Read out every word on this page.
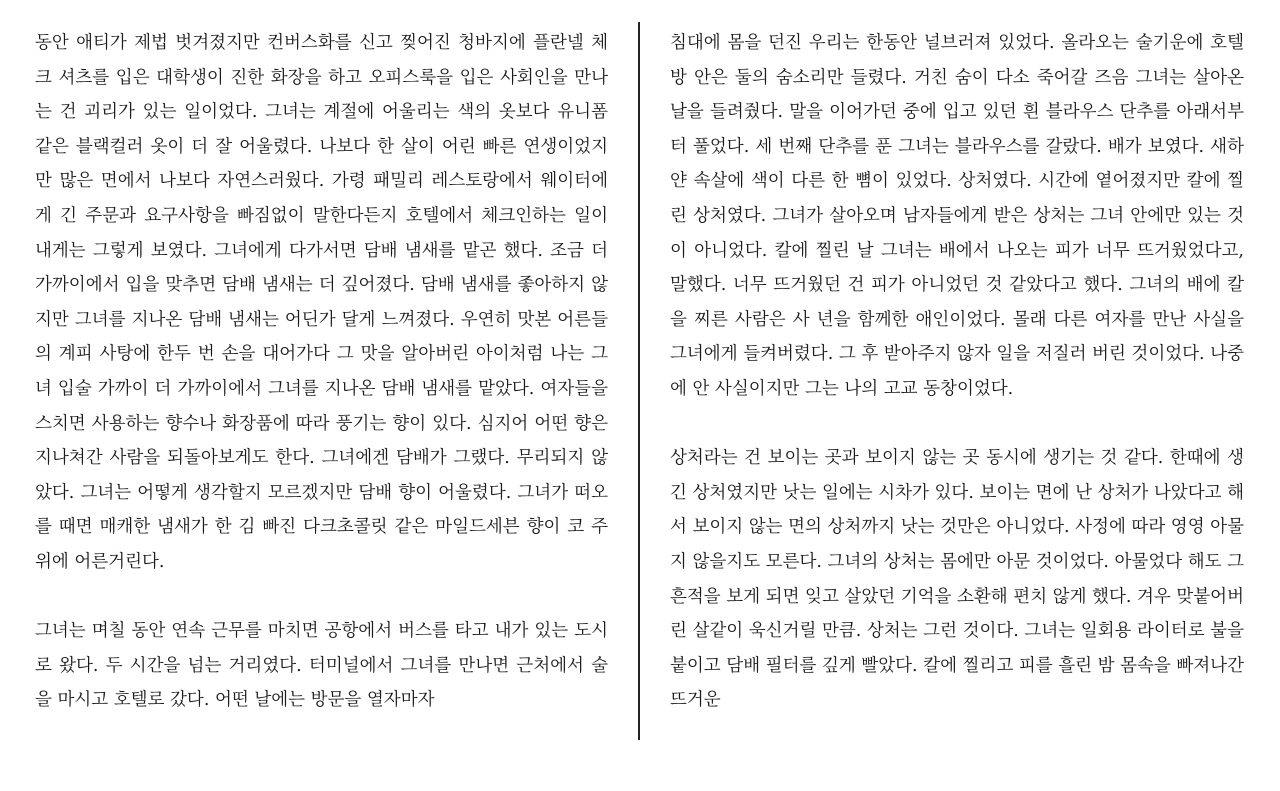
동안 애티가 제법 벗겨졌지만 컨버스화를 신고 찢어진 청바지에 플란넬 체크 셔츠를 입은 대학생이 진한 화장을 하고 오피스룩을 입은 사회인을 만나는 건 괴리가 있는 일이었다. 그녀는 계절에 어울리는 색의 옷보다 유니폼 같은 블랙컬러 옷이 더 잘 어울렸다. 나보다 한 살이 어린 빠른 연생이었지만 많은 면에서 나보다 자연스러웠다. 가령 패밀리 레스토랑에서 웨이터에게 긴 주문과 요구사항을 빠짐없이 말한다든지 호텔에서 체크인하는 일이 내게는 그렇게 보였다. 그녀에게 다가서면 담배 냄새를 맡곤 했다. 조금 더 가까이에서 입을 맞추면 담배 냄새는 더 깊어졌다. 담배 냄새를 좋아하지 않지만 그녀를 지나온 담배 냄새는 어딘가 달게 느껴졌다. 우연히 맛본 어른들의 계피 사탕에 한두 번 손을 대어가다 그 맛을 알아버린 아이처럼 나는 그녀 입술 가까이 더 가까이에서 그녀를 지나온 담배 냄새를 맡았다. 여자들을 스치면 사용하는 향수나 화장품에 따라 풍기는 향이 있다. 심지어 어떤 향은 지나쳐간 사람을 되돌아보게도 한다. 그녀에겐 담배가 그랬다. 무리되지 않았다. 그녀는 어떻게 생각할지 모르겠지만 담배 향이 어울렸다. 그녀가 떠오를 때면 매캐한 냄새가 한 김 빠진 다크초콜릿 같은 마일드세븐 향이 코 주위에 어른거린다.

그녀는 며칠 동안 연속 근무를 마치면 공항에서 버스를 타고 내가 있는 도시로 왔다. 두 시간을 넘는 거리였다. 터미널에서 그녀를 만나면 근처에서 술을 마시고 호텔로 갔다. 어떤 날에는 방문을 열자마자

침대에 몸을 던진 우리는 한동안 널브러져 있었다. 올라오는 술기운에 호텔 방 안은 둘의 숨소리만 들렸다. 거친 숨이 다소 죽어갈 즈음 그녀는 살아온 날을 들려줬다. 말을 이어가던 중에 입고 있던 흰 블라우스 단추를 아래서부터 풀었다. 세 번째 단추를 푼 그녀는 블라우스를 갈랐다. 배가 보였다. 새하얀 속살에 색이 다른 한 뼘이 있었다. 상처였다. 시간에 옅어졌지만 칼에 찔린 상처였다. 그녀가 살아오며 남자들에게 받은 상처는 그녀 안에만 있는 것이 아니었다. 칼에 찔린 날 그녀는 배에서 나오는 피가 너무 뜨거웠었다고, 말했다. 너무 뜨거웠던 건 피가 아니었던 것 같았다고 했다. 그녀의 배에 칼을 찌른 사람은 사 년을 함께한 애인이었다. 몰래 다른 여자를 만난 사실을 그녀에게 들켜버렸다. 그 후 받아주지 않자 일을 저질러 버린 것이었다. 나중에 안 사실이지만 그는 나의 고교 동창이었다.

상처라는 건 보이는 곳과 보이지 않는 곳 동시에 생기는 것 같다. 한때에 생긴 상처였지만 낫는 일에는 시차가 있다. 보이는 면에 난 상처가 나았다고 해서 보이지 않는 면의 상처까지 낫는 것만은 아니었다. 사정에 따라 영영 아물지 않을지도 모른다. 그녀의 상처는 몸에만 아문 것이었다. 아물었다 해도 그 흔적을 보게 되면 잊고 살았던 기억을 소환해 편치 않게 했다. 겨우 맞붙어버린 살같이 욱신거릴 만큼. 상처는 그런 것이다. 그녀는 일회용 라이터로 불을 붙이고 담배 필터를 깊게 빨았다. 칼에 찔리고 피를 흘린 밤 몸속을 빠져나간 뜨거운
